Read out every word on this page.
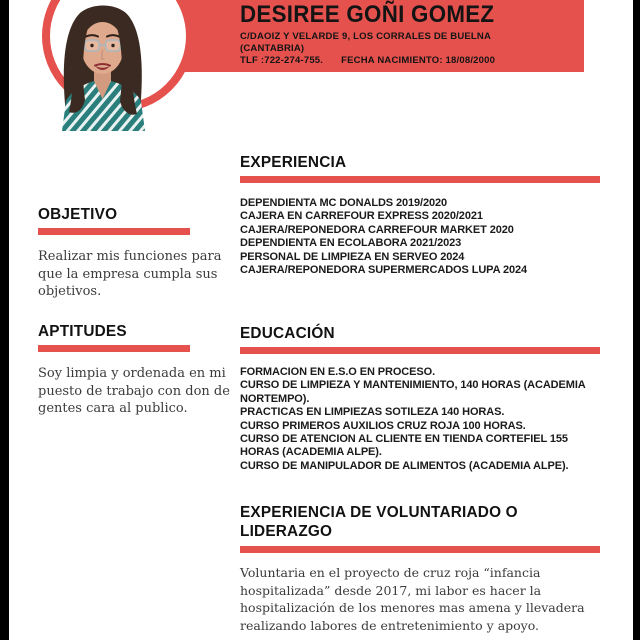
DESIREE GOÑI GOMEZ
C/DAOIZ Y VELARDE 9, LOS CORRALES DE BUELNA
(CANTABRIA)
TLF :722-274-755. FECHA NACIMIENTO: 18/08/2000
EXPERIENCIA
DEPENDIENTA MC DONALDS 2019/2020
CAJERA EN CARREFOUR EXPRESS 2020/2021
CAJERA/REPONEDORA CARREFOUR MARKET 2020
DEPENDIENTA EN ECOLABORA 2021/2023
PERSONAL DE LIMPIEZA EN SERVEO 2024
CAJERA/REPONEDORA SUPERMERCADOS LUPA 2024
OBJETIVO

Realizar mis funciones para que la empresa cumpla sus objetivos.

APTITUDES

Soy limpia y ordenada en mi puesto de trabajo con don de gentes cara al publico.

EDUCACIÓN
FORMACION EN E.S.O EN PROCESO.
CURSO DE LIMPIEZA Y MANTENIMIENTO, 140 HORAS (ACADEMIA NORTEMPO).
PRACTICAS EN LIMPIEZAS SOTILEZA 140 HORAS.
CURSO PRIMEROS AUXILIOS CRUZ ROJA 100 HORAS.
CURSO DE ATENCION AL CLIENTE EN TIENDA CORTEFIEL 155 HORAS (ACADEMIA ALPE).
CURSO DE MANIPULADOR DE ALIMENTOS (ACADEMIA ALPE).
EXPERIENCIA DE VOLUNTARIADO O LIDERAZGO

Voluntaria en el proyecto de cruz roja “infancia hospitalizada” desde 2017, mi labor es hacer la hospitalización de los menores mas amena y llevadera realizando labores de entretenimiento y apoyo.
